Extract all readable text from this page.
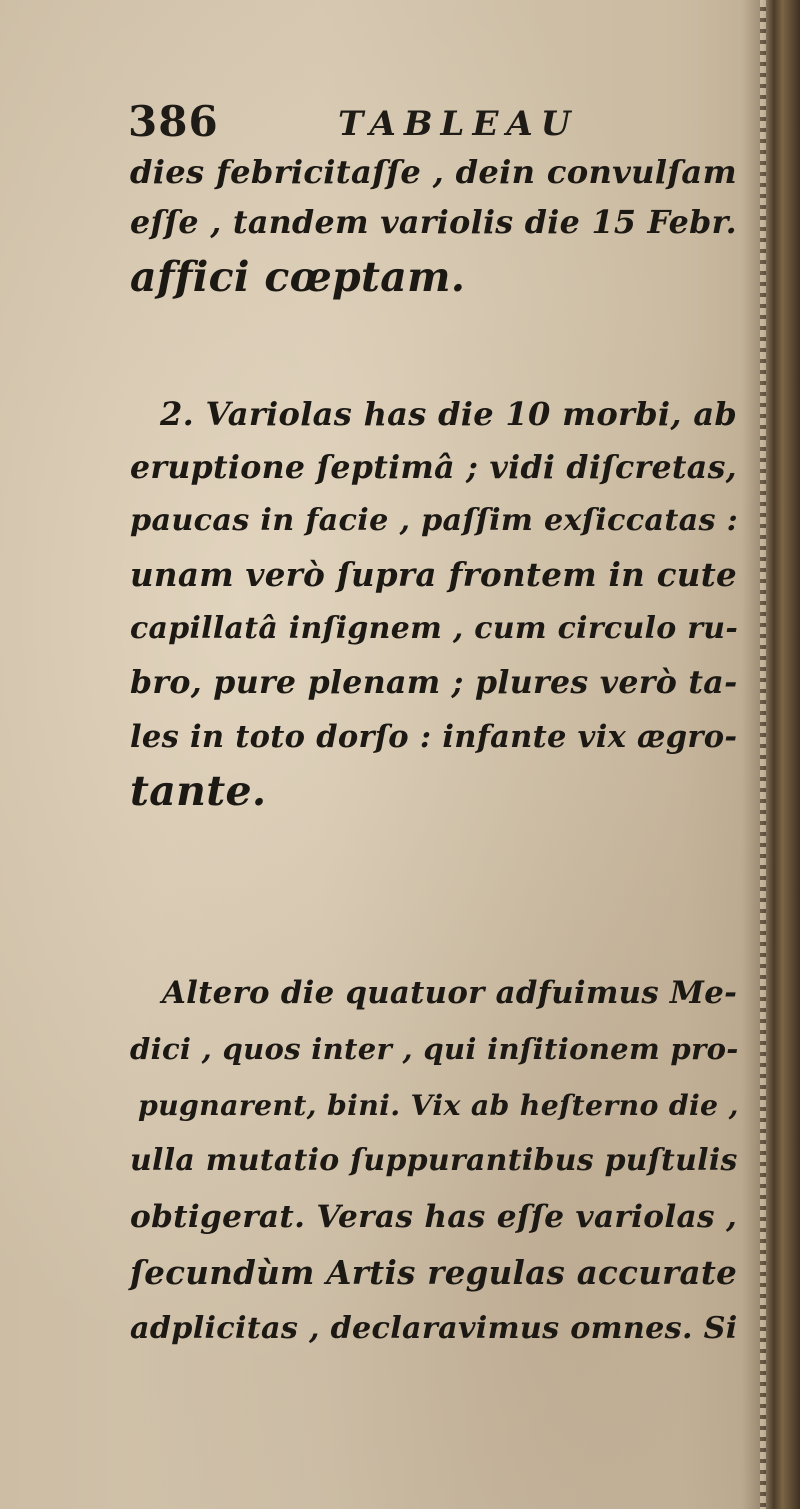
386	TABLEAU

dies febricitaſſe , dein convulſam

eſſe , tandem variolis die 15 Febr.

affici cœptam.

2. Variolas has die 10 morbi, ab

eruptione ſeptimâ ; vidi diſcretas,

paucas in facie , paſſim exſiccatas :

unam verò ſupra frontem in cute

capillatâ inſignem , cum circulo ru-

bro, pure plenam ; plures verò ta-

les in toto dorſo : infante vix ægro-

tante.

Altero die quatuor adfuimus Me-

dici , quos inter , qui inſitionem pro-

pugnarent, bini. Vix ab heſterno die ,

ulla mutatio ſuppurantibus puſtulis

obtigerat. Veras has eſſe variolas ,

ſecundùm Artis regulas accurate

adplicitas , declaravimus omnes. Si
